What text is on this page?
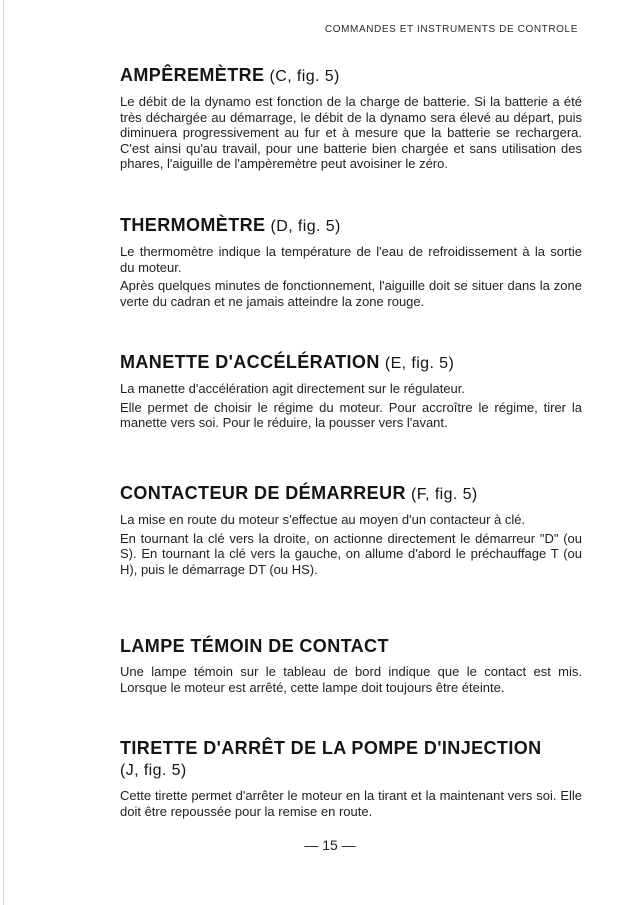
COMMANDES ET INSTRUMENTS DE CONTROLE
AMPÊREMÈTRE (C, fig. 5)

Le débit de la dynamo est fonction de la charge de batterie. Si la batterie a été très déchargée au démarrage, le débit de la dynamo sera élevé au départ, puis diminuera progressivement au fur et à mesure que la batterie se rechargera. C'est ainsi qu'au travail, pour une batterie bien chargée et sans utilisation des phares, l'aiguille de l'ampèremètre peut avoisiner le zéro.

THERMOMÈTRE (D, fig. 5)

Le thermomètre indique la température de l'eau de refroidissement à la sortie du moteur.

Après quelques minutes de fonctionnement, l'aiguille doit se situer dans la zone verte du cadran et ne jamais atteindre la zone rouge.

MANETTE D'ACCÉLÉRATION (E, fig. 5)

La manette d'accélération agit directement sur le régulateur.

Elle permet de choisir le régime du moteur. Pour accroître le régime, tirer la manette vers soi. Pour le réduire, la pousser vers l'avant.

CONTACTEUR DE DÉMARREUR (F, fig. 5)

La mise en route du moteur s'effectue au moyen d'un contacteur à clé.

En tournant la clé vers la droite, on actionne directement le démarreur "D" (ou S). En tournant la clé vers la gauche, on allume d'abord le préchauffage T (ou H), puis le démarrage DT (ou HS).

LAMPE TÉMOIN DE CONTACT

Une lampe témoin sur le tableau de bord indique que le contact est mis. Lorsque le moteur est arrêté, cette lampe doit toujours être éteinte.

TIRETTE D'ARRÊT DE LA POMPE D'INJECTION
(J, fig. 5)

Cette tirette permet d'arrêter le moteur en la tirant et la maintenant vers soi. Elle doit être repoussée pour la remise en route.

— 15 —
